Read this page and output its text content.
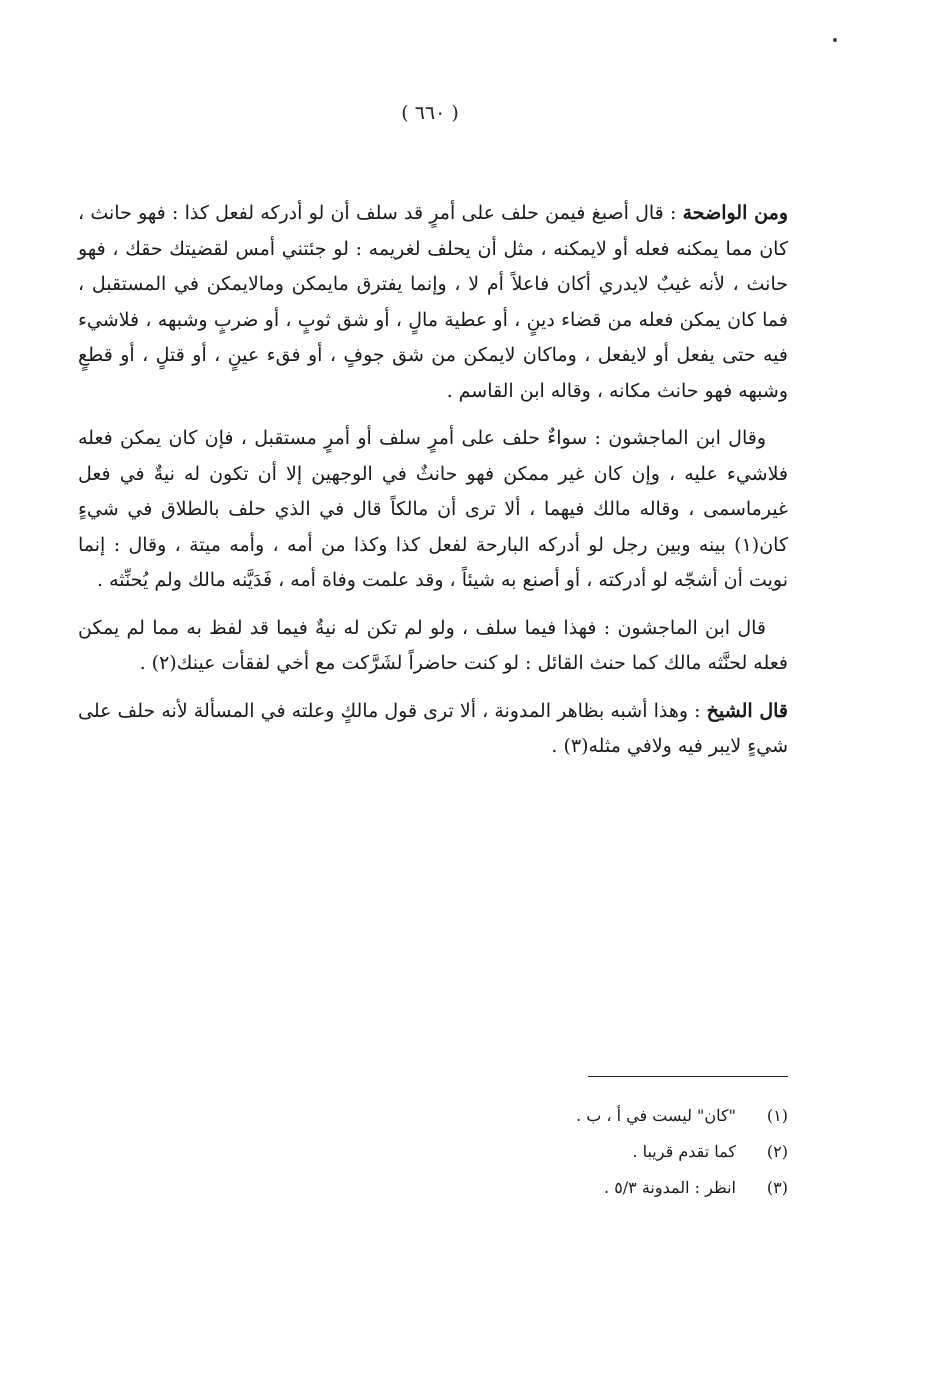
( ٦٦٠ )

ومن الواضحة : قال أصبغ فيمن حلف على أمرٍ قد سلف أن لو أدركه لفعل كذا : فهو حانث ، كان مما يمكنه فعله أو لايمكنه ، مثل أن يحلف لغريمه : لو جئتني أمس لقضيتك حقك ، فهو حانث ، لأنه غيبٌ لايدري أكان فاعلاً أم لا ، وإنما يفترق مايمكن ومالايمكن في المستقبل ، فما كان يمكن فعله من قضاء دينٍ ، أو عطية مالٍ ، أو شق ثوبٍ ، أو ضربٍ وشبهه ، فلاشيء فيه حتى يفعل أو لايفعل ، وماكان لايمكن من شق جوفٍ ، أو فقء عينٍ ، أو قتلٍ ، أو قطعٍ وشبهه فهو حانث مكانه ، وقاله ابن القاسم .

وقال ابن الماجشون : سواءٌ حلف على أمرٍ سلف أو أمرٍ مستقبل ، فإن كان يمكن فعله فلاشيء عليه ، وإن كان غير ممكن فهو حانثٌ في الوجهين إلا أن تكون له نيةٌ في فعل غيرماسمى ، وقاله مالك فيهما ، ألا ترى أن مالكاً قال في الذي حلف بالطلاق في شيءٍ كان(١) بينه وبين رجل لو أدركه البارحة لفعل كذا وكذا من أمه ، وأمه ميتة ، وقال : إنما نويت أن أشجّه لو أدركته ، أو أصنع به شيئاً ، وقد علمت وفاة أمه ، فَدَيَّنه مالك ولم يُحنِّثه .

قال ابن الماجشون : فهذا فيما سلف ، ولو لم تكن له نيةٌ فيما قد لفظ به مما لم يمكن فعله لحنَّثه مالك كما حنث القائل : لو كنت حاضراً لشَرَّكت مع أخي لفقأت عينك(٢) .

قال الشيخ : وهذا أشبه بظاهر المدونة ، ألا ترى قول مالكٍ وعلته في المسألة لأنه حلف على شيءٍ لايبر فيه ولافي مثله(٣) .

(١)
"كان" ليست في أ ، ب .
(٢)
كما تقدم قريبا .
(٣)
انظر : المدونة ٥/٣ .
